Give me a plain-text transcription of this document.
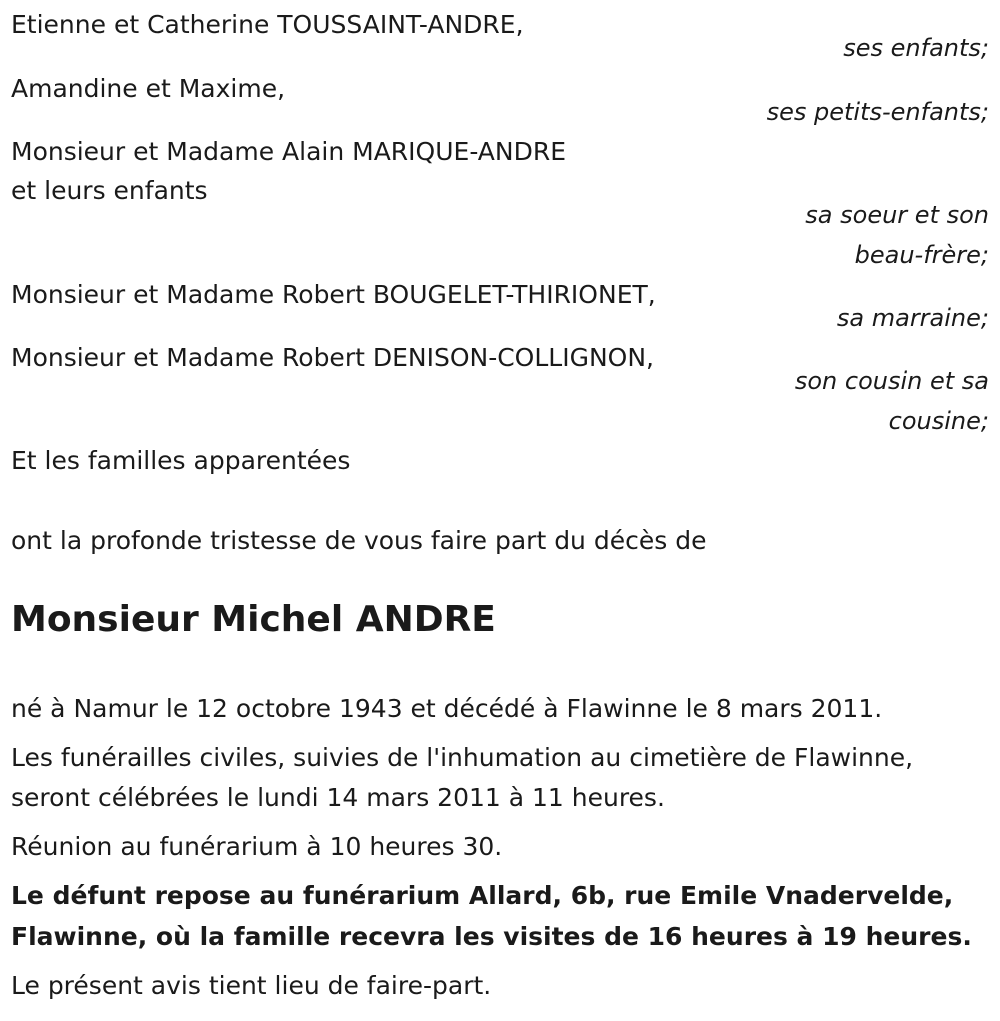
Etienne et Catherine TOUSSAINT-ANDRE,
ses enfants;
Amandine et Maxime,
ses petits-enfants;
Monsieur et Madame Alain MARIQUE-ANDRE
et leurs enfants
sa soeur et son
beau-frère;
Monsieur et Madame Robert BOUGELET-THIRIONET,
sa marraine;
Monsieur et Madame Robert DENISON-COLLIGNON,
son cousin et sa
cousine;
Et les familles apparentées
ont la profonde tristesse de vous faire part du décès de
Monsieur Michel ANDRE
né à Namur le 12 octobre 1943 et décédé à Flawinne le 8 mars 2011.
Les funérailles civiles, suivies de l'inhumation au cimetière de Flawinne,
seront célébrées le lundi 14 mars 2011 à 11 heures.
Réunion au funérarium à 10 heures 30.
Le défunt repose au funérarium Allard, 6b, rue Emile Vnadervelde,
Flawinne, où la famille recevra les visites de 16 heures à 19 heures.
Le présent avis tient lieu de faire-part.
